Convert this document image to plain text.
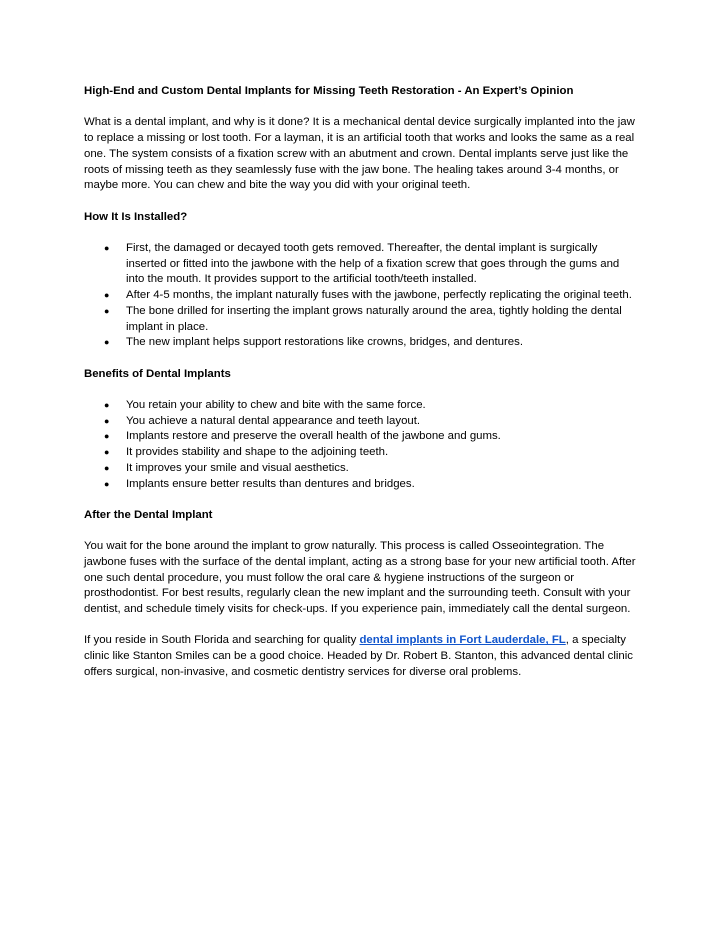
High-End and Custom Dental Implants for Missing Teeth Restoration - An Expert’s Opinion

What is a dental implant, and why is it done? It is a mechanical dental device surgically implanted into the jaw to replace a missing or lost tooth. For a layman, it is an artificial tooth that works and looks the same as a real one. The system consists of a fixation screw with an abutment and crown. Dental implants serve just like the roots of missing teeth as they seamlessly fuse with the jaw bone. The healing takes around 3-4 months, or maybe more. You can chew and bite the way you did with your original teeth.

How It Is Installed?
● First, the damaged or decayed tooth gets removed. Thereafter, the dental implant is surgically inserted or fitted into the jawbone with the help of a fixation screw that goes through the gums and into the mouth. It provides support to the artificial tooth/teeth installed.
● After 4-5 months, the implant naturally fuses with the jawbone, perfectly replicating the original teeth.
● The bone drilled for inserting the implant grows naturally around the area, tightly holding the dental implant in place.
● The new implant helps support restorations like crowns, bridges, and dentures.
Benefits of Dental Implants
● You retain your ability to chew and bite with the same force.
● You achieve a natural dental appearance and teeth layout.
● Implants restore and preserve the overall health of the jawbone and gums.
● It provides stability and shape to the adjoining teeth.
● It improves your smile and visual aesthetics.
● Implants ensure better results than dentures and bridges.
After the Dental Implant

You wait for the bone around the implant to grow naturally. This process is called Osseointegration. The jawbone fuses with the surface of the dental implant, acting as a strong base for your new artificial tooth. After one such dental procedure, you must follow the oral care & hygiene instructions of the surgeon or prosthodontist. For best results, regularly clean the new implant and the surrounding teeth. Consult with your dentist, and schedule timely visits for check-ups. If you experience pain, immediately call the dental surgeon.

If you reside in South Florida and searching for quality dental implants in Fort Lauderdale, FL, a specialty clinic like Stanton Smiles can be a good choice. Headed by Dr. Robert B. Stanton, this advanced dental clinic offers surgical, non-invasive, and cosmetic dentistry services for diverse oral problems.
